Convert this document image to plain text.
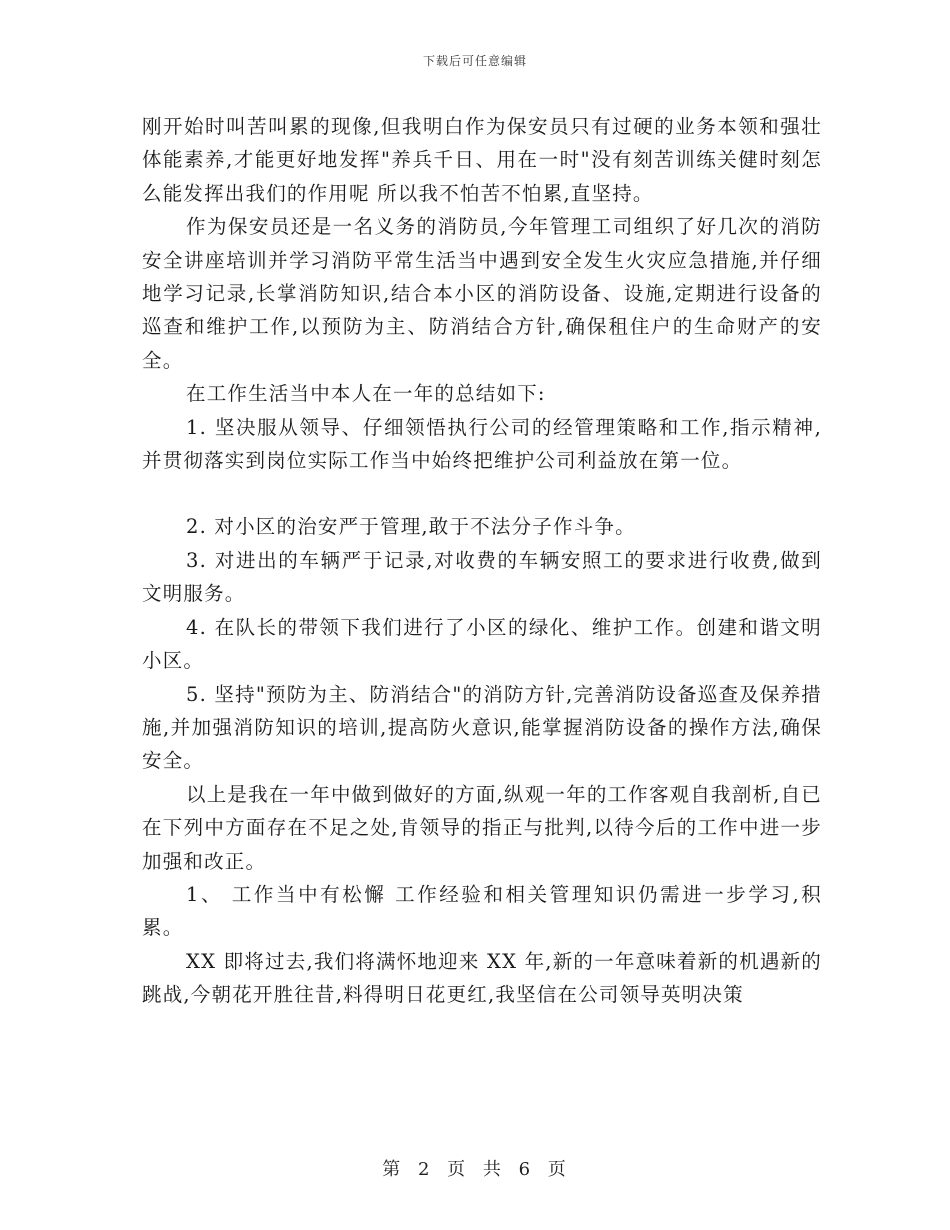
下载后可任意编辑

刚开始时叫苦叫累的现像,但我明白作为保安员只有过硬的业务本领和强壮体能素养,才能更好地发挥"养兵千日、用在一时"没有刻苦训练关健时刻怎么能发挥出我们的作用呢 所以我不怕苦不怕累,直坚持。

作为保安员还是一名义务的消防员,今年管理工司组织了好几次的消防安全讲座培训并学习消防平常生活当中遇到安全发生火灾应急措施,并仔细地学习记录,长掌消防知识,结合本小区的消防设备、设施,定期进行设备的巡查和维护工作,以预防为主、防消结合方针,确保租住户的生命财产的安全。

在工作生活当中本人在一年的总结如下:

1. 坚决服从领导、仔细领悟执行公司的经管理策略和工作,指示精神,并贯彻落实到岗位实际工作当中始终把维护公司利益放在第一位。

2. 对小区的治安严于管理,敢于不法分子作斗争。

3. 对进出的车辆严于记录,对收费的车辆安照工的要求进行收费,做到文明服务。

4. 在队长的带领下我们进行了小区的绿化、维护工作。创建和谐文明小区。

5. 坚持"预防为主、防消结合"的消防方针,完善消防设备巡查及保养措施,并加强消防知识的培训,提高防火意识,能掌握消防设备的操作方法,确保安全。

以上是我在一年中做到做好的方面,纵观一年的工作客观自我剖析,自已在下列中方面存在不足之处,肯领导的指正与批判,以待今后的工作中进一步加强和改正。

1、 工作当中有松懈 工作经验和相关管理知识仍需进一步学习,积累。

XX 即将过去,我们将满怀地迎来 XX 年,新的一年意味着新的机遇新的跳战,今朝花开胜往昔,料得明日花更红,我坚信在公司领导英明决策

第 2 页 共 6 页
